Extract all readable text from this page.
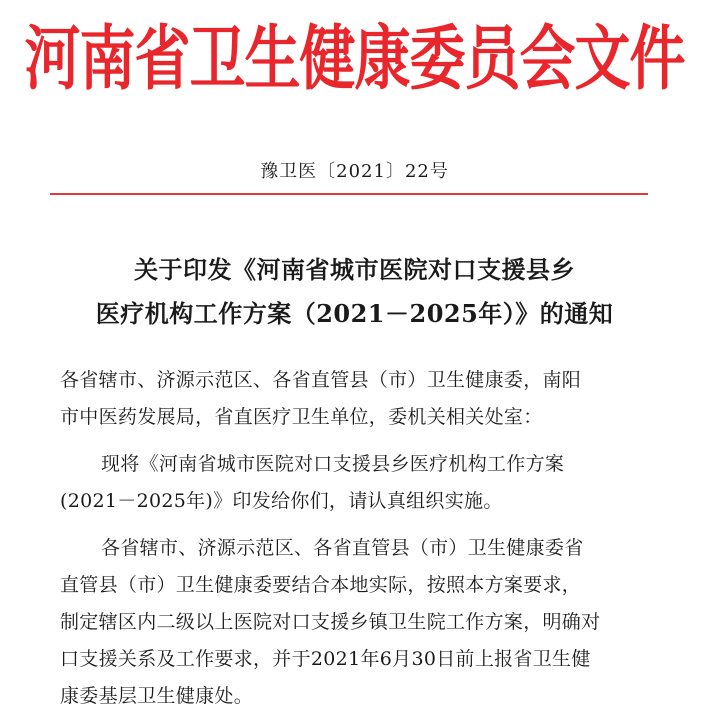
河南省卫生健康委员会文件
豫卫医〔2021〕22号
关于印发《河南省城市医院对口支援县乡
医疗机构工作方案（2021－2025年）》的通知
各省辖市、济源示范区、各省直管县（市）卫生健康委，南阳
市中医药发展局，省直医疗卫生单位，委机关相关处室：
现将《河南省城市医院对口支援县乡医疗机构工作方案
(2021－2025年)》印发给你们，请认真组织实施。
各省辖市、济源示范区、各省直管县（市）卫生健康委省
直管县（市）卫生健康委要结合本地实际，按照本方案要求，
制定辖区内二级以上医院对口支援乡镇卫生院工作方案，明确对
口支援关系及工作要求，并于2021年6月30日前上报省卫生健
康委基层卫生健康处。
